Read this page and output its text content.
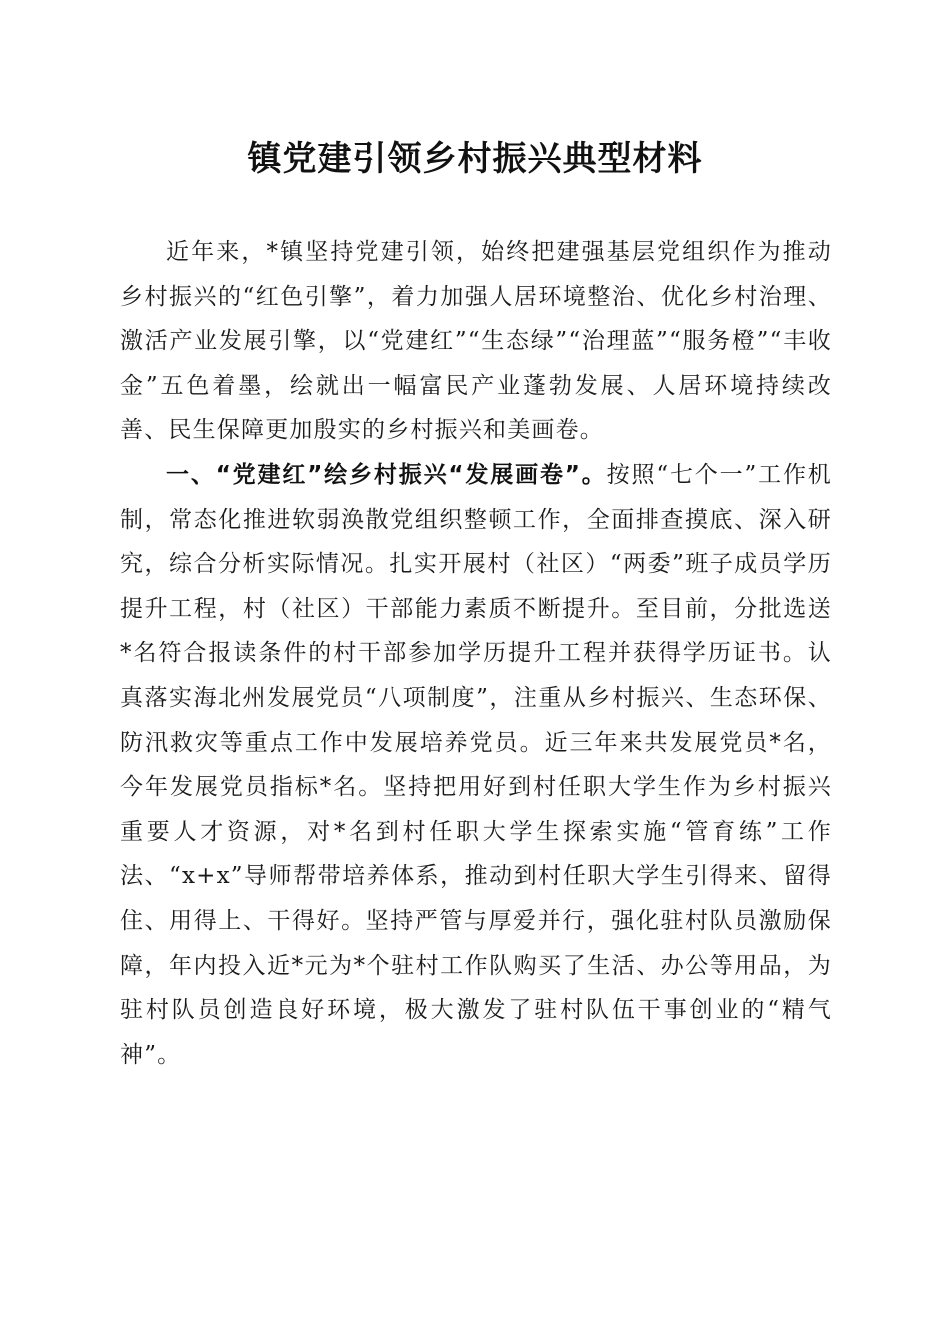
镇党建引领乡村振兴典型材料

近年来，*镇坚持党建引领，始终把建强基层党组织作为推动乡村振兴的“红色引擎”，着力加强人居环境整治、优化乡村治理、激活产业发展引擎，以“党建红”“生态绿”“治理蓝”“服务橙”“丰收金”五色着墨，绘就出一幅富民产业蓬勃发展、人居环境持续改善、民生保障更加殷实的乡村振兴和美画卷。

一、“党建红”绘乡村振兴“发展画卷”。按照“七个一”工作机制，常态化推进软弱涣散党组织整顿工作，全面排查摸底、深入研究，综合分析实际情况。扎实开展村（社区）“两委”班子成员学历提升工程，村（社区）干部能力素质不断提升。至目前，分批选送*名符合报读条件的村干部参加学历提升工程并获得学历证书。认真落实海北州发展党员“八项制度”，注重从乡村振兴、生态环保、防汛救灾等重点工作中发展培养党员。近三年来共发展党员*名，今年发展党员指标*名。坚持把用好到村任职大学生作为乡村振兴重要人才资源，对*名到村任职大学生探索实施“管育练”工作法、“x+x”导师帮带培养体系，推动到村任职大学生引得来、留得住、用得上、干得好。坚持严管与厚爱并行，强化驻村队员激励保障，年内投入近*元为*个驻村工作队购买了生活、办公等用品，为驻村队员创造良好环境，极大激发了驻村队伍干事创业的“精气神”。
